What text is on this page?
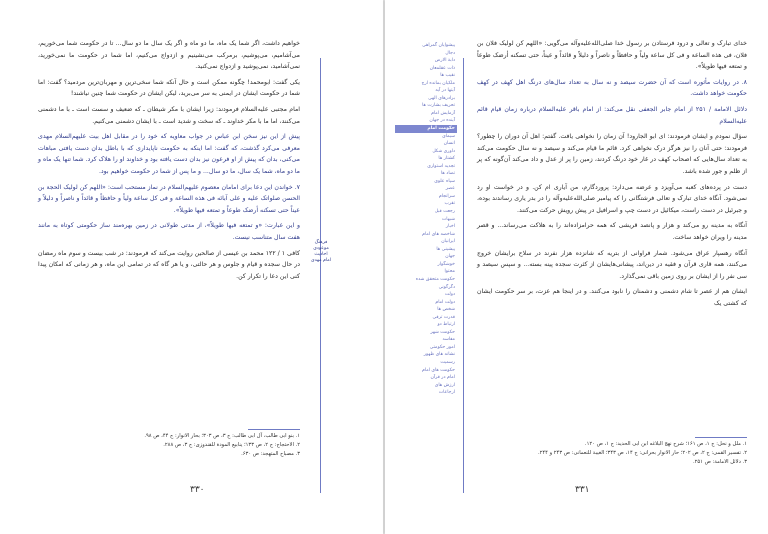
خواهیم داشت، اگر شما یک ماه، ما دو ماه و اگر یک سال ما دو سال... تا در حکومت شما می‌خوریم، می‌آشامیم، می‌پوشیم، برمرکب می‌نشینیم و ازدواج می‌کنیم، اما شما در حکومت ما نمی‌خورید، نمی‌آشامید، نمی‌پوشید و ازدواج نمی‌کنید.

یکی گفت: ابومحمد! چگونه ممکن است و حال آنکه شما سخی‌ترین و مهربان‌ترین مردمید؟ گفت: اما شما در حکومت ایشان در ایمنی به سر می‌برید، لیکن ایشان در حکومت شما چنین نیاشند!

امام مجتبی علیه‌السلام فرمودند: زیرا ایشان با مکر شیطان ـ که ضعیف و سست است ـ با ما دشمنی می‌کنند، اما ما با مکر خداوند ـ که سخت و شدید است ـ با ایشان دشمنی می‌کنیم.

پیش از این نیز سخن ابن عباس در جواب معاویه که خود را در مقابل اهل بیت علیهم‌السلام مهدی معرفی می‌کرد گذشت، که گفت: اما اینکه به حکومت ناپایداری که با باطل بدان دست یافتی مباهات می‌کنی، بدان که پیش از او فرعون نیز بدان دست یافته بود و خداوند او را هلاک کرد. شما تنها یک ماه و ما دو ماه، شما یک سال، ما دو سال... و ما پس از شما در حکومت خواهیم بود.

۷. خواندن این دعا برای امامان معصوم علیهم‌السلام در نماز مستحب است: «اللهم کن لولیک الحجة بن الحسن صلواتک علیه و علی آبائه فی هذه الساعة و فی کل ساعة ولیاً و حافظاً و قائداً و ناصراً و دلیلاً و عیناً حتی تسکنه أرضک طوعاً و تمتعه فیها طویلاً».

و این عبارت: «و تمتعه فیها طویلاً»، از مدتی طولانی در زمین بهره‌مند ساز حکومتی کوتاه به مانند هفت سال متناسب نیست.

کافی ۱ / ۱۲۲ محمد بن عیسی از صالحین روایت می‌کند که فرمودند: در شب بیست و سوم ماه رمضان در حال سجده و قیام و جلوس و هر حالتی، و یا هر گاه که در تمامی این ماه، و هر زمانی که امکان پیدا کنی این دعا را تکرار کن.

فرهنگ
موعودی
احادیث
امام مهدی
۱. بنو ابی طالب، آل ابی طالب: ج ۳، ص ۳۰۳؛ بحار الانوار: ج ۴۴، ص ۹۸.
۲. الاحتجاج: ج ۲، ص ۱۳۳؛ ینابیع المودة للقندوزی: ج ۳، ص ۲۸۸.
۳. مصباح المتهجد: ص ۶۳۰.
۳۳۰
پیشوایان گمراهی
دجال
دابة الارض
ذات عقلمعان
نقیب ها
ملکیان بمانده ارج
آیتها در آیه
برادرهای الهی
تحریف بشارت ها
آزمایش امام
آینده در جهان
حکومت امام
سیمای
انسان
داوری شکل
کشتار ها
تجدید استواری
تضاد ها
سپاه علوی
عصر
سرانجام
تقرب
رجعت قبل
شبهات
اخبار
شاخصه های امام
ایرانیان
پیشینی ها
جهان
خوشگوار
محتوا
حکومت متحقق شده
دگرگونی
دولت
دولت امام
شخص ها
قدرت ترقی
ارتباط دو
حکومت شهر
مفاسد
امور حکومتی
نشانه های ظهور
رسمیت
حکومت های امام
امام در قرآن
ارزش های
ارجاعات

خدای تبارک و تعالی و درود فرستادن بر رسول خدا صلی‌الله‌علیه‌وآله می‌گویی: «اللهم کن لولیک فلان بن فلان، فی هذه الساعة و فی کل ساعة ولیاً و حافظاً و ناصراً و دلیلاً و قائداً و عیناً، حتی تسکنه أرضک طوعاً و تمتعه فیها طویلاً».

۸. در روایات مأثوره است که آن حضرت سیصد و نه سال به تعداد سال‌های درنگ اهل کهف در کهف حکومت خواهد داشت.

دلائل الامامة / ۲۵۱ از امام جابر الجعفی نقل می‌کند: از امام باقر علیه‌السلام درباره زمان قیام قائم علیه‌السلام

سؤال نمودم و ایشان فرمودند: ای ابو الجارود! آن زمان را نخواهی یافت. گفتم: اهل آن دوران را چطور؟ فرمودند: حتی آنان را نیز هرگز درک نخواهی کرد. قائم ما قیام می‌کند و سیصد و نه سال حکومت می‌کند به تعداد سال‌هایی که اصحاب کهف در غار خود درنگ کردند، زمین را پر از عدل و داد می‌کند آن‌گونه که پر از ظلم و جور شده باشد.

دست در پرده‌های کعبه می‌آویزد و عرضه می‌دارد: پروردگارم، من آیاری ام کن. و در خواست او رد نمی‌شود. آنگاه خدای تبارک و تعالی فرشتگانی را که پیامبر صلی‌الله‌علیه‌وآله را در بدر یاری رساندند بوده، و جبرئیل در دست راست، میکائیل در دست چپ و اسرافیل در پیش رویش حرکت می‌کنند.

آنگاه به مدینه رو می‌کند و هزار و پانصد قریشی که همه حرامزاده‌اند را به هلاکت می‌رساند... و قصر مدینه را ویران خواهد ساخت.

آنگاه رهسپار عراق می‌شود. شمار فراوانی از بتریه که شانزده هزار نفرند در سلاح برایشان خروج می‌کنند، همه قاری قرآن و فقیه در دین‌اند، پیشانی‌هایشان از کثرت سجده پینه بسته... و سپس سیصد و سی نفر را از ایشان بر روی زمین باقی نمی‌گذارد.

ایشان هم از عصر تا شام دشمنی و دشمنان را نابود می‌کنند. و در اینجا هم عزت، بر سر حکومت ایشان که کشتی یک

۱. ملل و نحل: ج ۱، ص ۱۶۱؛ شرح نهج البلاغه ابن ابی الحدید: ج ۱، ص ۱۲۰.
۲. تفسیر القمی: ج ۲، ص ۲۰۲؛ حار الانوار بحرانی: ج ۱۴، ص ۳۴۳؛ الغیبة للنعمانی: ص ۲۴۳ و ۲۴۴.
۳. دلائل الامامة: ص ۲۵۱.
۳۳۱
